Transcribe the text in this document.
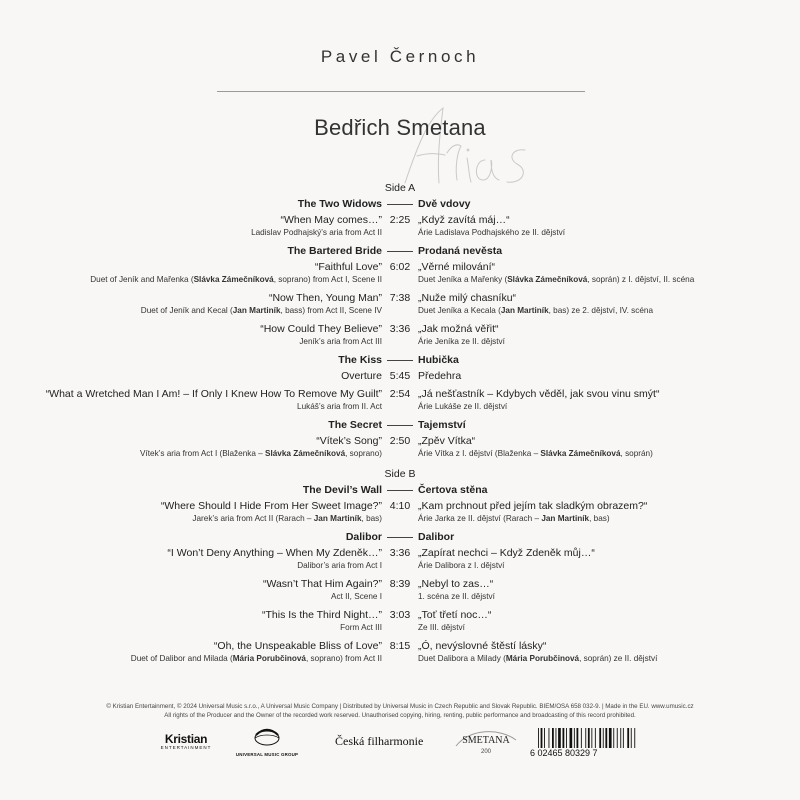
Pavel Černoch
Bedřich Smetana
Side A
The Two Widows	Dvě vdovy
“When May comes…” 2:25 „Když zavítá máj…“
Ladislav Podhajský’s aria from Act II	Árie Ladislava Podhajského ze II. dějství
The Bartered Bride	Prodaná nevěsta
“Faithful Love” 6:02 „Věrné milování“
Duet of Jeník and Mařenka (Slávka Zámečníková, soprano) from Act I, Scene II	Duet Jeníka a Mařenky (Slávka Zámečníková, soprán) z I. dějství, II. scéna
“Now Then, Young Man” 7:38 „Nuže milý chasníku“
Duet of Jeník and Kecal (Jan Martiník, bass) from Act II, Scene IV	Duet Jeníka a Kecala (Jan Martiník, bas) ze 2. dějství, IV. scéna
“How Could They Believe” 3:36 „Jak možná věřit“
Jeník’s aria from Act III	Árie Jeníka ze II. dějství
The Kiss	Hubička
Overture 5:45 Předehra
“What a Wretched Man I Am! – If Only I Knew How To Remove My Guilt” 2:54 „Já nešťastník – Kdybych věděl, jak svou vinu smýt“
Lukáš’s aria from II. Act	Árie Lukáše ze II. dějství
The Secret	Tajemství
“Vítek’s Song” 2:50 „Zpěv Vítka“
Vítek’s aria from Act I (Blaženka – Slávka Zámečníková, soprano)	Árie Vítka z I. dějství (Blaženka – Slávka Zámečníková, soprán)
Side B
The Devil’s Wall	Čertova stěna
“Where Should I Hide From Her Sweet Image?” 4:10 „Kam prchnout před jejím tak sladkým obrazem?“
Jarek’s aria from Act II (Rarach – Jan Martiník, bas)	Árie Jarka ze II. dějství (Rarach – Jan Martiník, bas)
Dalibor	Dalibor
“I Won’t Deny Anything – When My Zdeněk…” 3:36 „Zapírat nechci – Když Zdeněk můj…“
Dalibor’s aria from Act I	Árie Dalibora z I. dějství
“Wasn’t That Him Again?” 8:39 „Nebyl to zas…“
Act II, Scene I	1. scéna ze II. dějství
“This Is the Third Night…” 3:03 „Toť třetí noc…“
Form Act III	Ze III. dějství
“Oh, the Unspeakable Bliss of Love” 8:15 „Ó, nevýslovné štěstí lásky“
Duet of Dalibor and Milada (Mária Porubčinová, soprano) from Act II	Duet Dalibora a Milady (Mária Porubčinová, soprán) ze II. dějství
© Kristian Entertainment, © 2024 Universal Music s.r.o., A Universal Music Company | Distributed by Universal Music in Czech Republic and Slovak Republic. BIEM/OSA 658 032-9. | Made in the EU. www.umusic.cz
All rights of the Producer and the Owner of the recorded work reserved. Unauthorised copying, hiring, renting, public performance and broadcasting of this record prohibited.
Kristian
ENTERTAINMENT
UNIVERSAL MUSIC GROUP
Česká filharmonie	SMETANA
200	6 02465 80329 7
